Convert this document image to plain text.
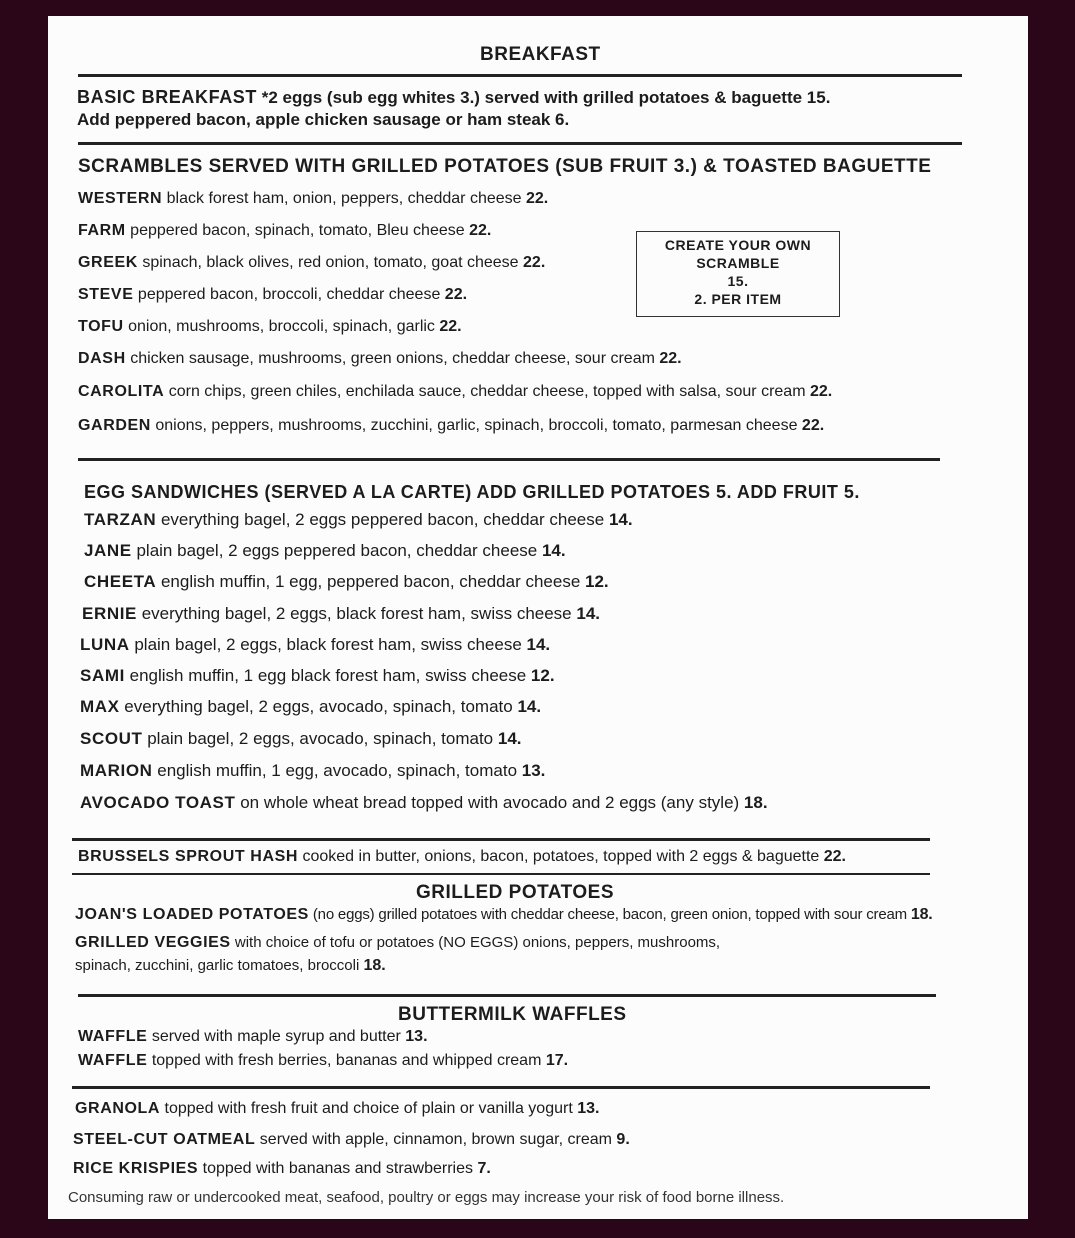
BREAKFAST
BASIC BREAKFAST *2 eggs (sub egg whites 3.) served with grilled potatoes & baguette 15.
Add peppered bacon, apple chicken sausage or ham steak 6.
SCRAMBLES SERVED WITH GRILLED POTATOES (SUB FRUIT 3.) & TOASTED BAGUETTE
WESTERN black forest ham, onion, peppers, cheddar cheese 22.
FARM peppered bacon, spinach, tomato, Bleu cheese 22.
GREEK spinach, black olives, red onion, tomato, goat cheese 22.
STEVE peppered bacon, broccoli, cheddar cheese 22.
TOFU onion, mushrooms, broccoli, spinach, garlic 22.
DASH chicken sausage, mushrooms, green onions, cheddar cheese, sour cream 22.
CAROLITA corn chips, green chiles, enchilada sauce, cheddar cheese, topped with salsa, sour cream 22.
GARDEN onions, peppers, mushrooms, zucchini, garlic, spinach, broccoli, tomato, parmesan cheese 22.
CREATE YOUR OWN
SCRAMBLE
15.
2. PER ITEM
EGG SANDWICHES (SERVED A LA CARTE) ADD GRILLED POTATOES 5. ADD FRUIT 5.
TARZAN everything bagel, 2 eggs peppered bacon, cheddar cheese 14.
JANE plain bagel, 2 eggs peppered bacon, cheddar cheese 14.
CHEETA english muffin, 1 egg, peppered bacon, cheddar cheese 12.
ERNIE everything bagel, 2 eggs, black forest ham, swiss cheese 14.
LUNA plain bagel, 2 eggs, black forest ham, swiss cheese 14.
SAMI english muffin, 1 egg black forest ham, swiss cheese 12.
MAX everything bagel, 2 eggs, avocado, spinach, tomato 14.
SCOUT plain bagel, 2 eggs, avocado, spinach, tomato 14.
MARION english muffin, 1 egg, avocado, spinach, tomato 13.
AVOCADO TOAST on whole wheat bread topped with avocado and 2 eggs (any style) 18.
BRUSSELS SPROUT HASH cooked in butter, onions, bacon, potatoes, topped with 2 eggs & baguette 22.
GRILLED POTATOES
JOAN'S LOADED POTATOES (no eggs) grilled potatoes with cheddar cheese, bacon, green onion, topped with sour cream 18.
GRILLED VEGGIES with choice of tofu or potatoes (NO EGGS) onions, peppers, mushrooms,
spinach, zucchini, garlic tomatoes, broccoli 18.
BUTTERMILK WAFFLES
WAFFLE served with maple syrup and butter 13.
WAFFLE topped with fresh berries, bananas and whipped cream 17.
GRANOLA topped with fresh fruit and choice of plain or vanilla yogurt 13.
STEEL-CUT OATMEAL served with apple, cinnamon, brown sugar, cream 9.
RICE KRISPIES topped with bananas and strawberries 7.
Consuming raw or undercooked meat, seafood, poultry or eggs may increase your risk of food borne illness.
